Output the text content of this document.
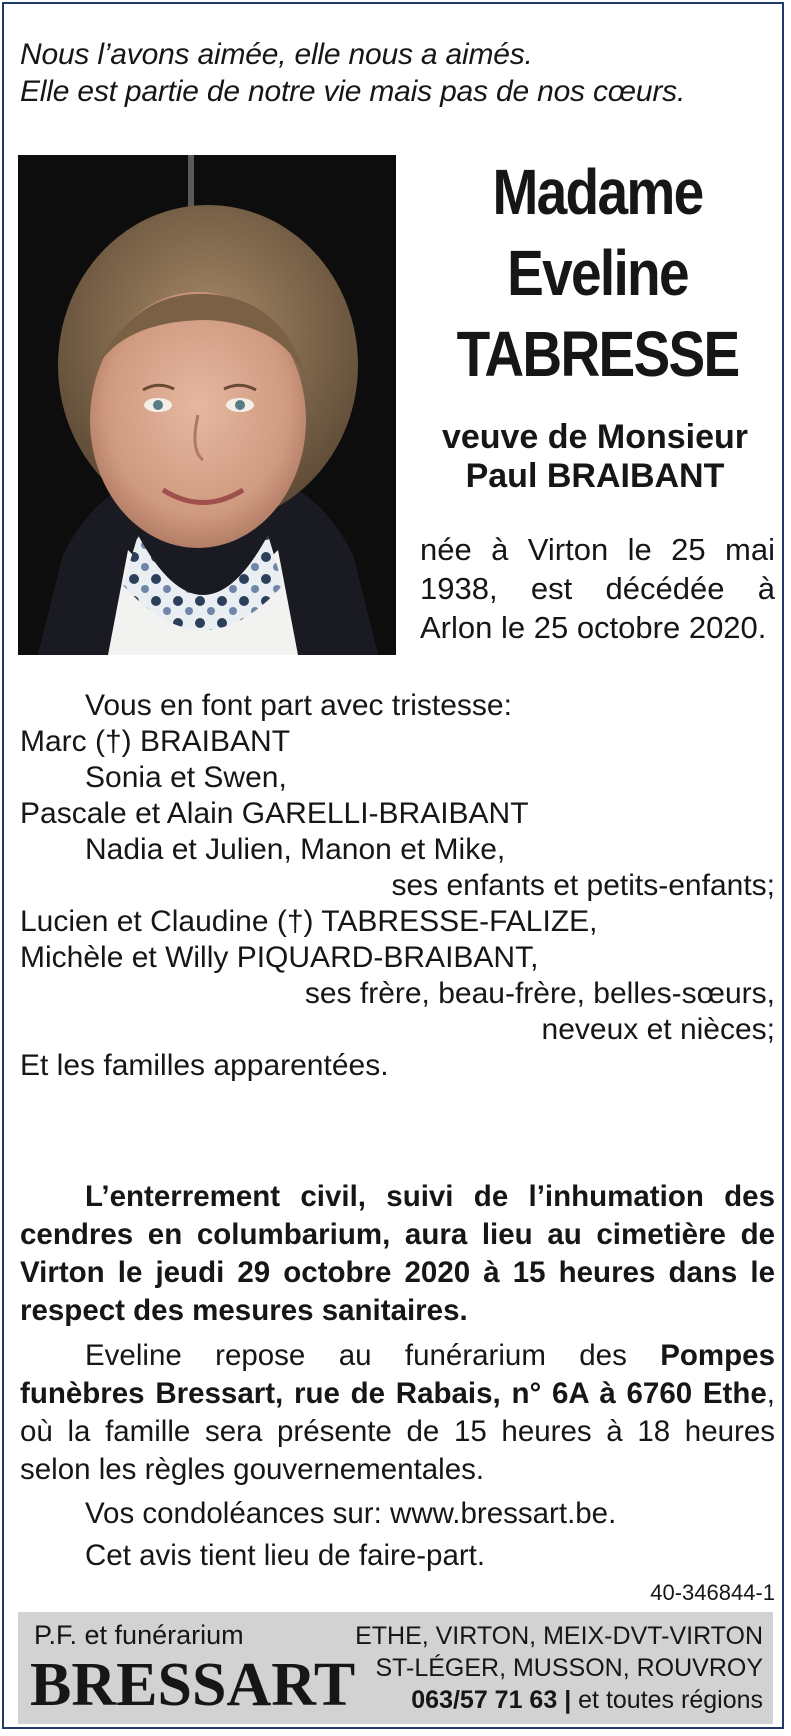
Nous l’avons aimée, elle nous a aimés.
Elle est partie de notre vie mais pas de nos cœurs.
Madame
Eveline
TABRESSE
veuve de Monsieur
Paul BRAIBANT
née à Virton le 25 mai 1938, est décédée à Arlon le 25 octobre 2020.
Vous en font part avec tristesse:
Marc (†) BRAIBANT
Sonia et Swen,
Pascale et Alain GARELLI-BRAIBANT
Nadia et Julien, Manon et Mike,
ses enfants et petits-enfants;
Lucien et Claudine (†) TABRESSE-FALIZE,
Michèle et Willy PIQUARD-BRAIBANT,
ses frère, beau-frère, belles-sœurs,
neveux et nièces;
Et les familles apparentées.
L’enterrement civil, suivi de l’inhumation des cendres en columbarium, aura lieu au cimetière de Virton le jeudi 29 octobre 2020 à 15 heures dans le respect des mesures sanitaires.
Eveline repose au funérarium des Pompes funèbres Bressart, rue de Rabais, n° 6A à 6760 Ethe, où la famille sera présente de 15 heures à 18 heures selon les règles gouvernementales.
Vos condoléances sur: www.bressart.be.
Cet avis tient lieu de faire-part.
40-346844-1
P.F. et funérarium
BRESSART
ETHE, VIRTON, MEIX-DVT-VIRTON
ST-LÉGER, MUSSON, ROUVROY
063/57 71 63 | et toutes régions
